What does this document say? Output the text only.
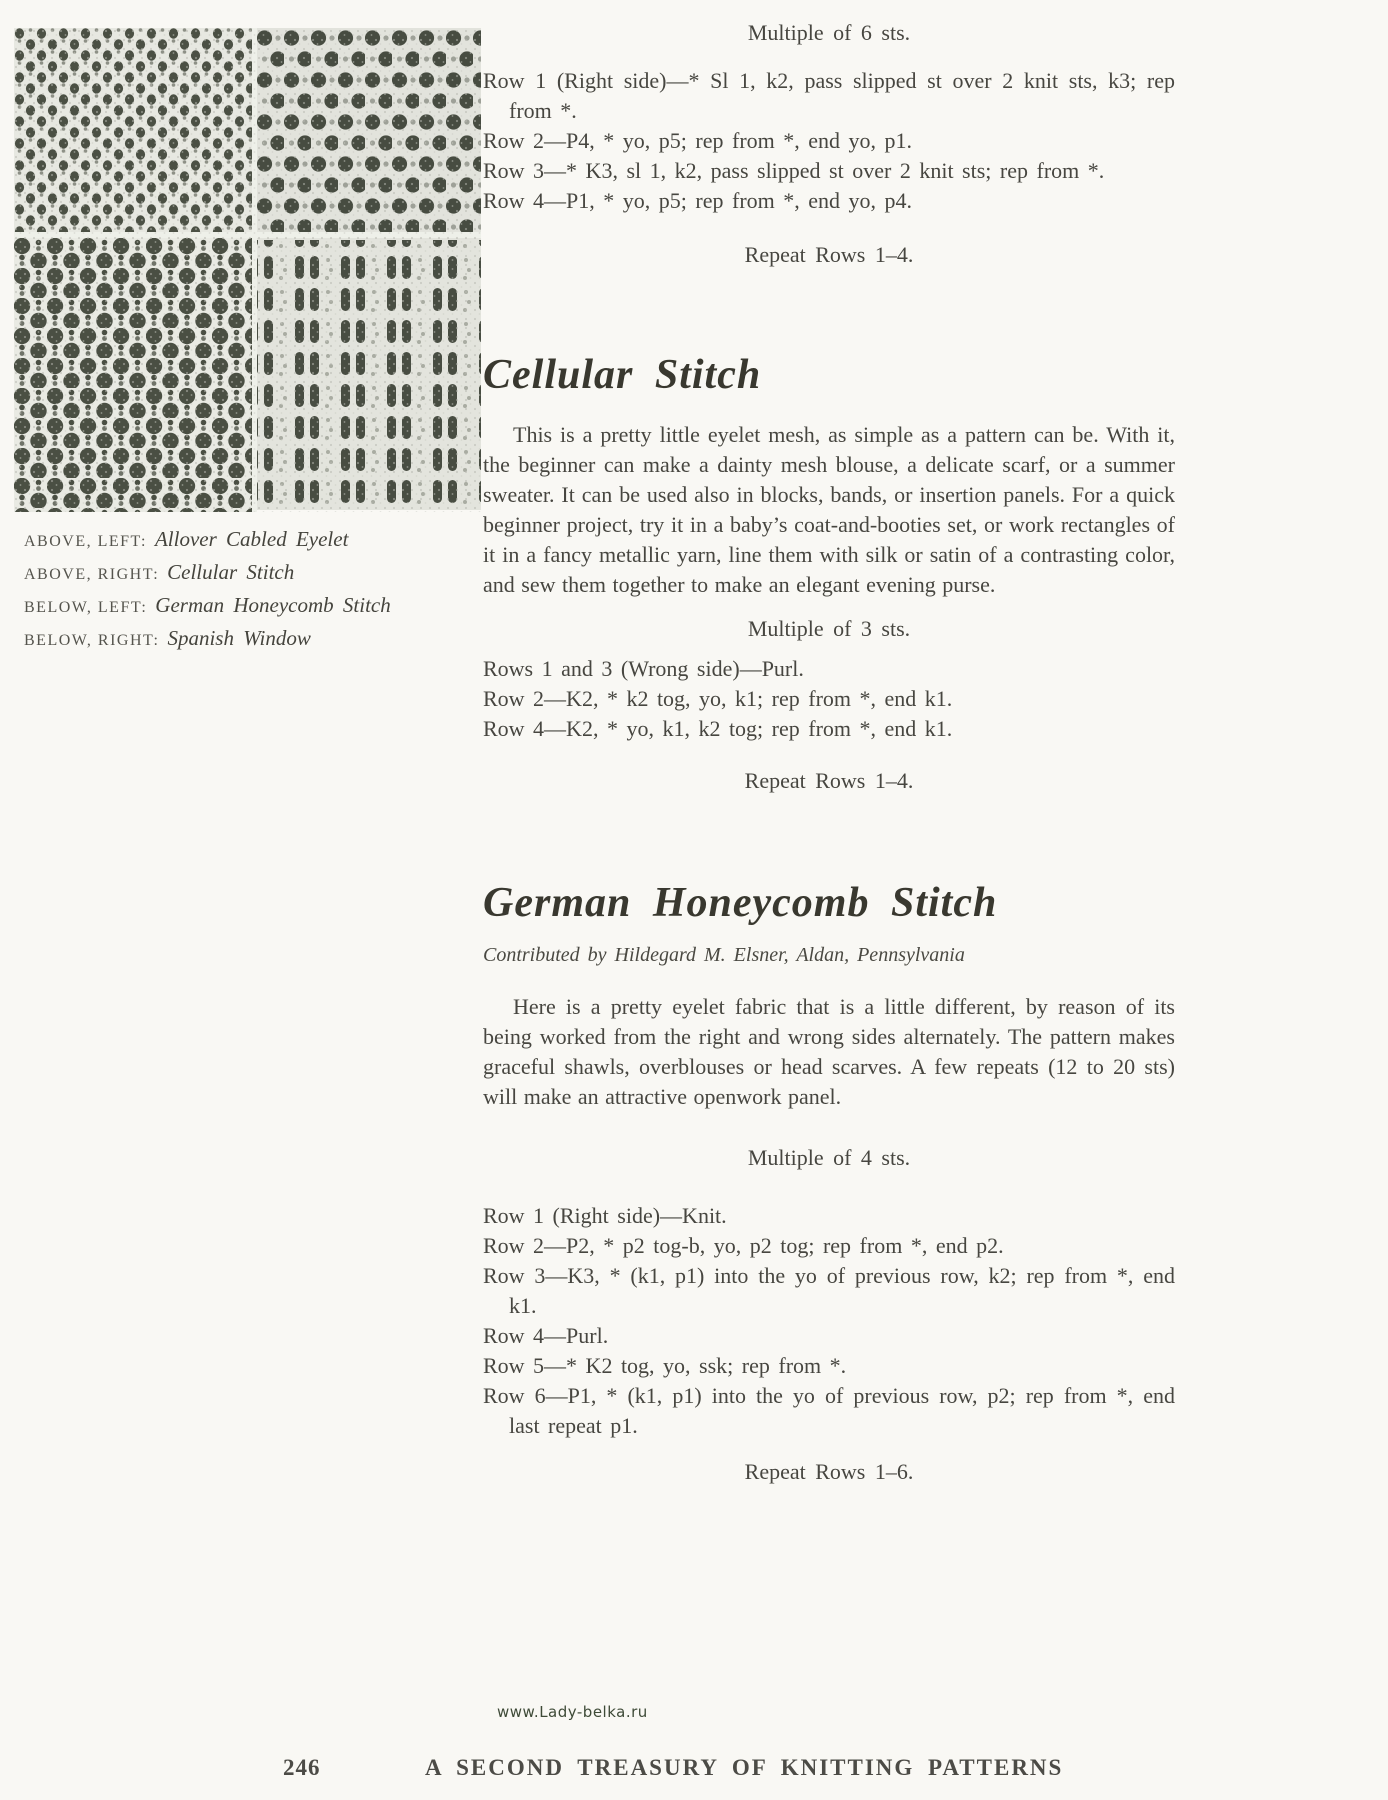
ABOVE, LEFT: Allover Cabled Eyelet
ABOVE, RIGHT: Cellular Stitch
BELOW, LEFT: German Honeycomb Stitch
BELOW, RIGHT: Spanish Window
Multiple of 6 sts.
Row 1 (Right side)—* Sl 1, k2, pass slipped st over 2 knit sts, k3; rep from *.
Row 2—P4, * yo, p5; rep from *, end yo, p1.
Row 3—* K3, sl 1, k2, pass slipped st over 2 knit sts; rep from *.
Row 4—P1, * yo, p5; rep from *, end yo, p4.
Repeat Rows 1–4.
Cellular Stitch

This is a pretty little eyelet mesh, as simple as a pattern can be. With it, the beginner can make a dainty mesh blouse, a delicate scarf, or a summer sweater. It can be used also in blocks, bands, or insertion panels. For a quick beginner project, try it in a baby’s coat-and-booties set, or work rectangles of it in a fancy metallic yarn, line them with silk or satin of a contrasting color, and sew them together to make an elegant evening purse.

Multiple of 3 sts.
Rows 1 and 3 (Wrong side)—Purl.
Row 2—K2, * k2 tog, yo, k1; rep from *, end k1.
Row 4—K2, * yo, k1, k2 tog; rep from *, end k1.
Repeat Rows 1–4.
German Honeycomb Stitch
Contributed by Hildegard M. Elsner, Aldan, Pennsylvania

Here is a pretty eyelet fabric that is a little different, by reason of its being worked from the right and wrong sides alternately. The pattern makes graceful shawls, overblouses or head scarves. A few repeats (12 to 20 sts) will make an attractive openwork panel.

Multiple of 4 sts.
Row 1 (Right side)—Knit.
Row 2—P2, * p2 tog-b, yo, p2 tog; rep from *, end p2.
Row 3—K3, * (k1, p1) into the yo of previous row, k2; rep from *, end k1.
Row 4—Purl.
Row 5—* K2 tog, yo, ssk; rep from *.
Row 6—P1, * (k1, p1) into the yo of previous row, p2; rep from *, end last repeat p1.
Repeat Rows 1–6.
www.Lady-belka.ru
246	A SECOND TREASURY OF KNITTING PATTERNS
